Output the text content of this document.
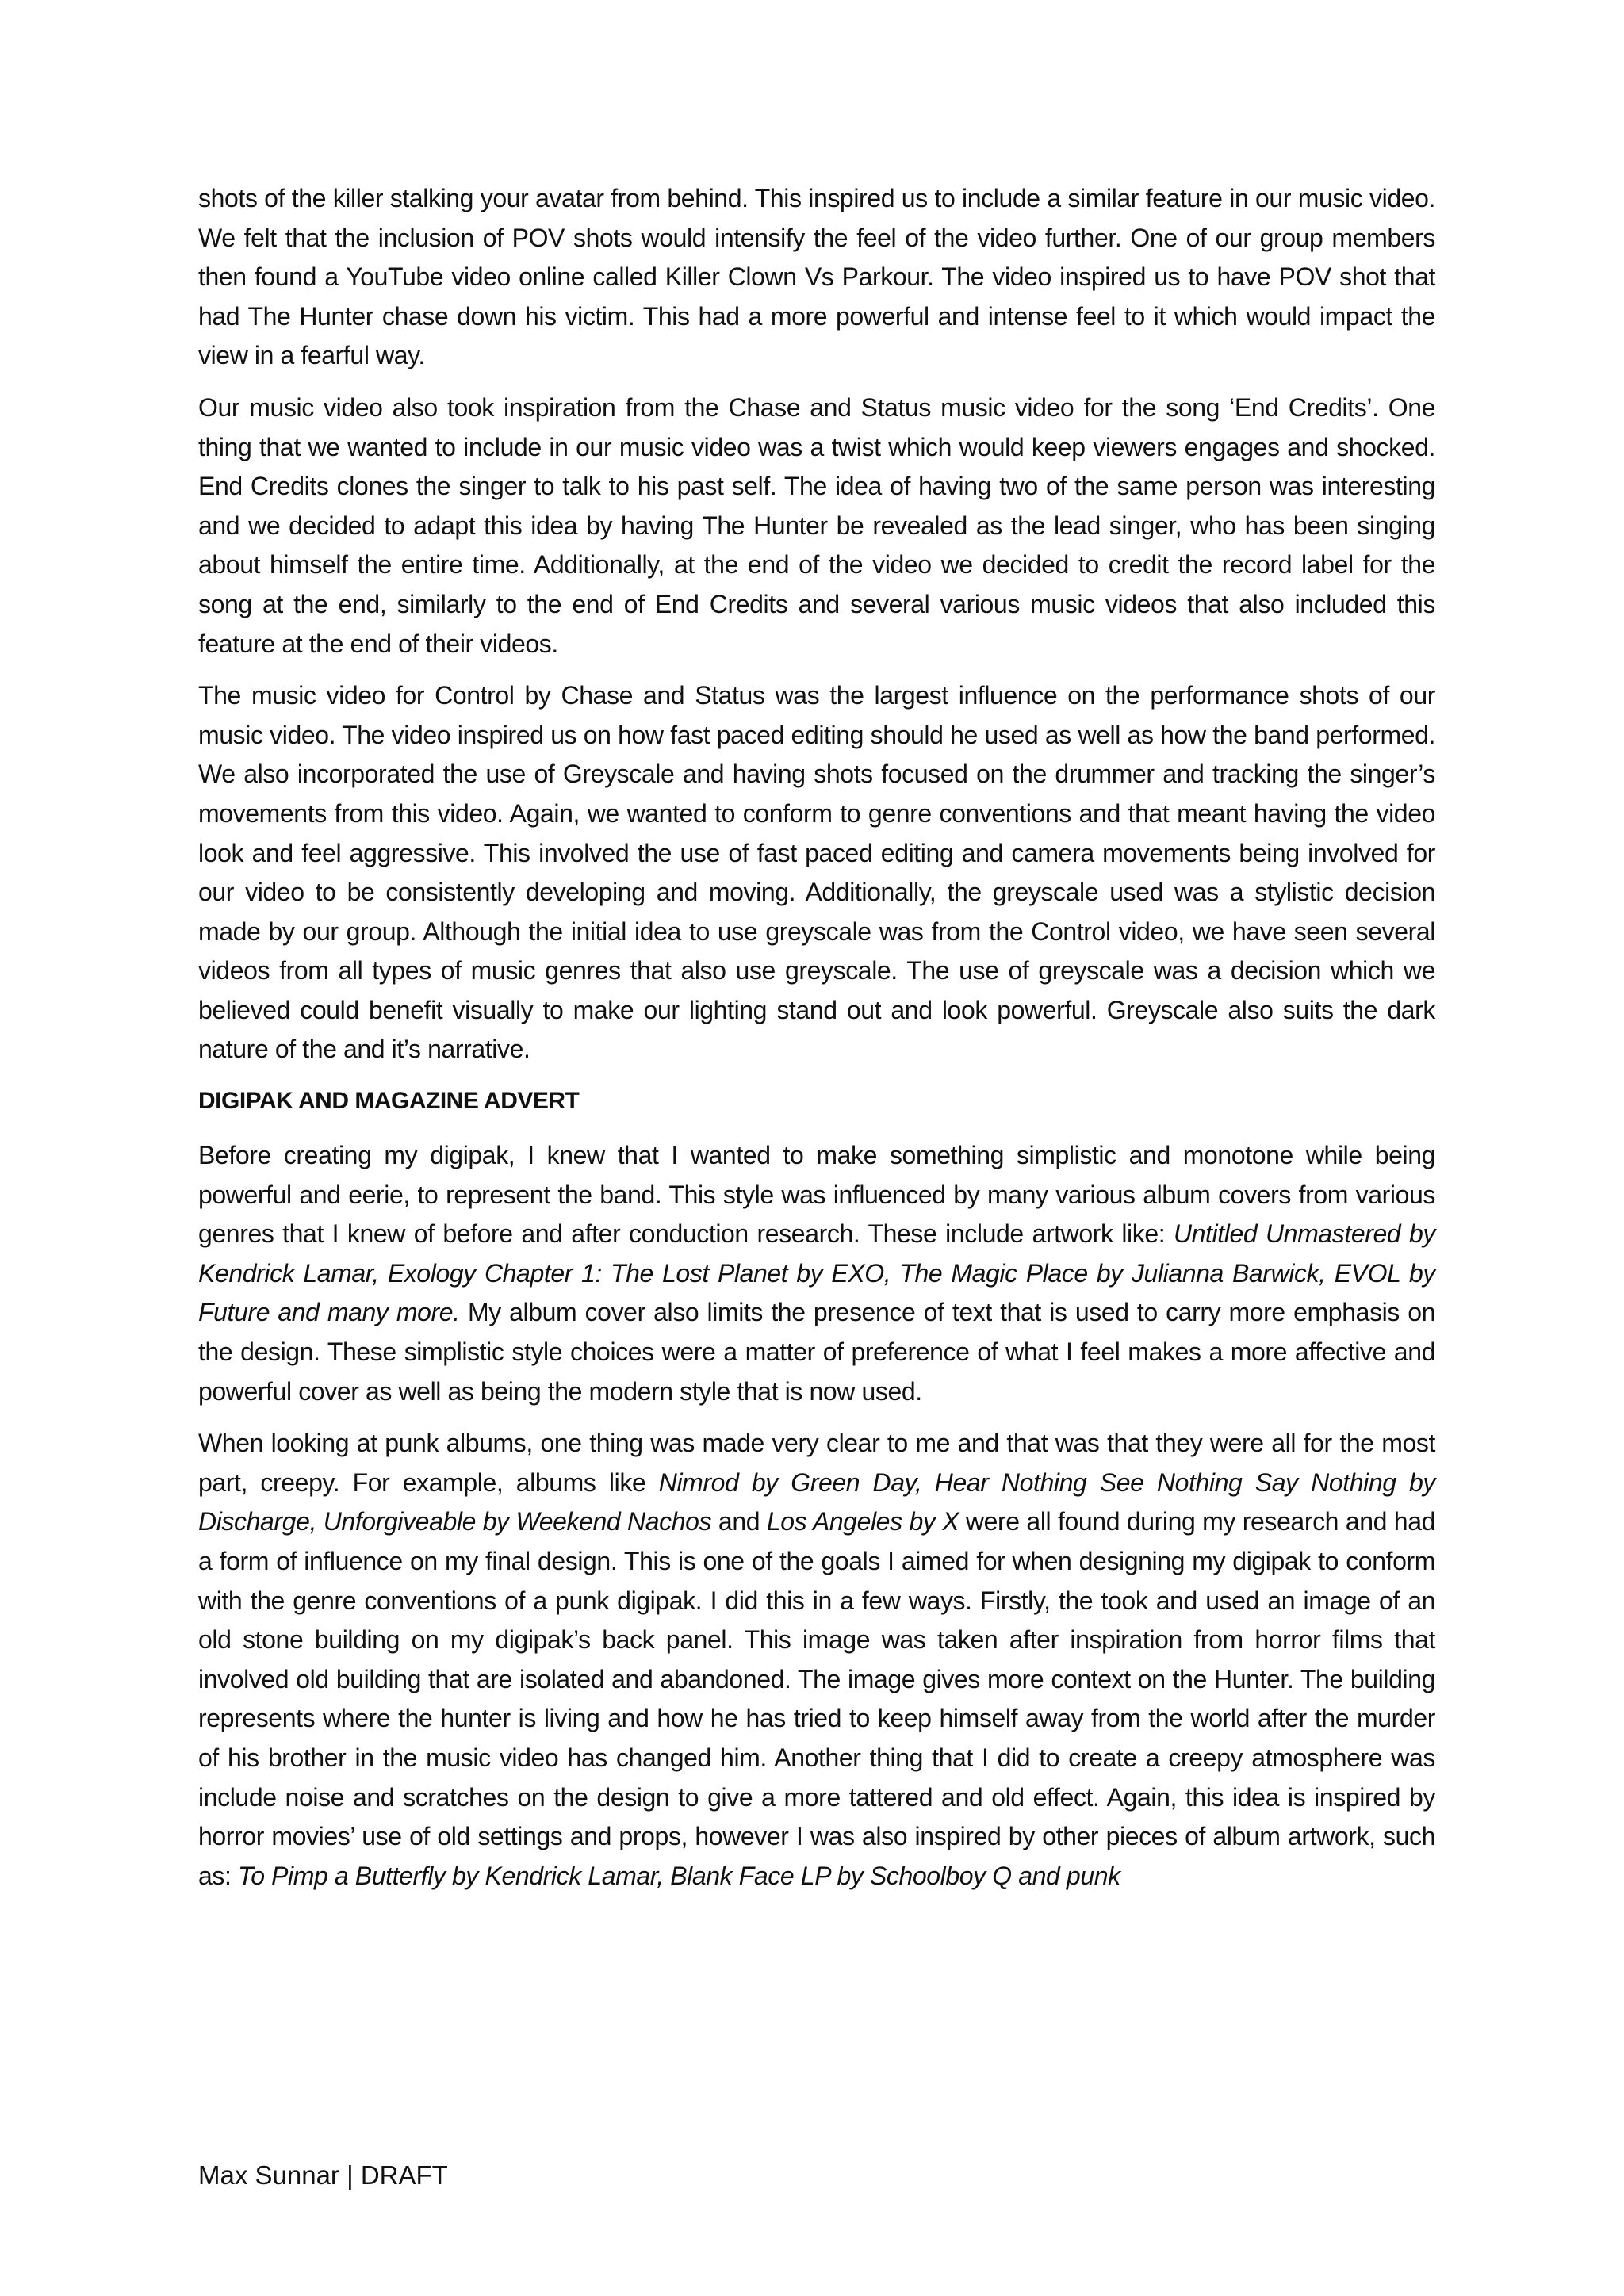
shots of the killer stalking your avatar from behind. This inspired us to include a similar feature in our music video. We felt that the inclusion of POV shots would intensify the feel of the video further. One of our group members then found a YouTube video online called Killer Clown Vs Parkour. The video inspired us to have POV shot that had The Hunter chase down his victim. This had a more powerful and intense feel to it which would impact the view in a fearful way.

Our music video also took inspiration from the Chase and Status music video for the song ‘End Credits’. One thing that we wanted to include in our music video was a twist which would keep viewers engages and shocked. End Credits clones the singer to talk to his past self. The idea of having two of the same person was interesting and we decided to adapt this idea by having The Hunter be revealed as the lead singer, who has been singing about himself the entire time. Additionally, at the end of the video we decided to credit the record label for the song at the end, similarly to the end of End Credits and several various music videos that also included this feature at the end of their videos.

The music video for Control by Chase and Status was the largest influence on the performance shots of our music video. The video inspired us on how fast paced editing should he used as well as how the band performed. We also incorporated the use of Greyscale and having shots focused on the drummer and tracking the singer’s movements from this video. Again, we wanted to conform to genre conventions and that meant having the video look and feel aggressive. This involved the use of fast paced editing and camera movements being involved for our video to be consistently developing and moving. Additionally, the greyscale used was a stylistic decision made by our group. Although the initial idea to use greyscale was from the Control video, we have seen several videos from all types of music genres that also use greyscale. The use of greyscale was a decision which we believed could benefit visually to make our lighting stand out and look powerful. Greyscale also suits the dark nature of the and it’s narrative.

DIGIPAK AND MAGAZINE ADVERT

Before creating my digipak, I knew that I wanted to make something simplistic and monotone while being powerful and eerie, to represent the band. This style was influenced by many various album covers from various genres that I knew of before and after conduction research. These include artwork like: Untitled Unmastered by Kendrick Lamar, Exology Chapter 1: The Lost Planet by EXO, The Magic Place by Julianna Barwick, EVOL by Future and many more. My album cover also limits the presence of text that is used to carry more emphasis on the design. These simplistic style choices were a matter of preference of what I feel makes a more affective and powerful cover as well as being the modern style that is now used.

When looking at punk albums, one thing was made very clear to me and that was that they were all for the most part, creepy. For example, albums like Nimrod by Green Day, Hear Nothing See Nothing Say Nothing by Discharge, Unforgiveable by Weekend Nachos and Los Angeles by X were all found during my research and had a form of influence on my final design. This is one of the goals I aimed for when designing my digipak to conform with the genre conventions of a punk digipak. I did this in a few ways. Firstly, the took and used an image of an old stone building on my digipak’s back panel. This image was taken after inspiration from horror films that involved old building that are isolated and abandoned. The image gives more context on the Hunter. The building represents where the hunter is living and how he has tried to keep himself away from the world after the murder of his brother in the music video has changed him. Another thing that I did to create a creepy atmosphere was include noise and scratches on the design to give a more tattered and old effect. Again, this idea is inspired by horror movies’ use of old settings and props, however I was also inspired by other pieces of album artwork, such as: To Pimp a Butterfly by Kendrick Lamar, Blank Face LP by Schoolboy Q and punk

Max Sunnar | DRAFT
